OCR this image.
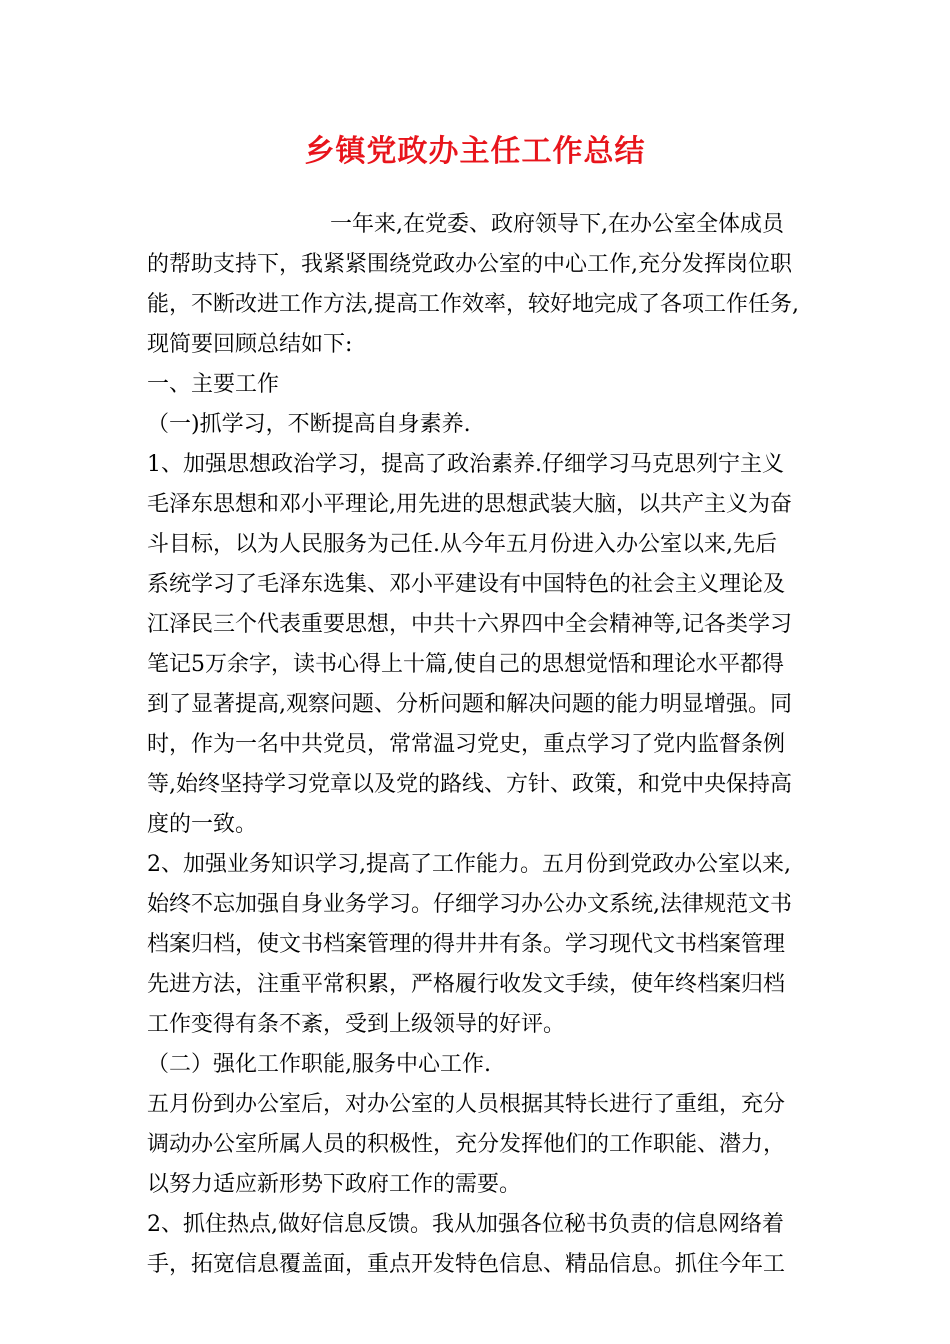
乡镇党政办主任工作总结
一年来,在党委、政府领导下,在办公室全体成员
的帮助支持下，我紧紧围绕党政办公室的中心工作,充分发挥岗位职
能，不断改进工作方法,提高工作效率，较好地完成了各项工作任务,
现简要回顾总结如下:
一、主要工作
（一)抓学习，不断提高自身素养.
1、加强思想政治学习，提高了政治素养.仔细学习马克思列宁主义
毛泽东思想和邓小平理论,用先进的思想武装大脑，以共产主义为奋
斗目标，以为人民服务为己任.从今年五月份进入办公室以来,先后
系统学习了毛泽东选集、邓小平建设有中国特色的社会主义理论及
江泽民三个代表重要思想，中共十六界四中全会精神等,记各类学习
笔记5万余字，读书心得上十篇,使自己的思想觉悟和理论水平都得
到了显著提高,观察问题、分析问题和解决问题的能力明显增强。同
时，作为一名中共党员，常常温习党史，重点学习了党内监督条例
等,始终坚持学习党章以及党的路线、方针、政策，和党中央保持高
度的一致。
2、加强业务知识学习,提高了工作能力。五月份到党政办公室以来,
始终不忘加强自身业务学习。仔细学习办公办文系统,法律规范文书
档案归档，使文书档案管理的得井井有条。学习现代文书档案管理
先进方法，注重平常积累，严格履行收发文手续，使年终档案归档
工作变得有条不紊，受到上级领导的好评。
（二）强化工作职能,服务中心工作.
五月份到办公室后，对办公室的人员根据其特长进行了重组，充分
调动办公室所属人员的积极性，充分发挥他们的工作职能、潜力，
以努力适应新形势下政府工作的需要。
2、抓住热点,做好信息反馈。我从加强各位秘书负责的信息网络着
手，拓宽信息覆盖面，重点开发特色信息、精品信息。抓住今年工
